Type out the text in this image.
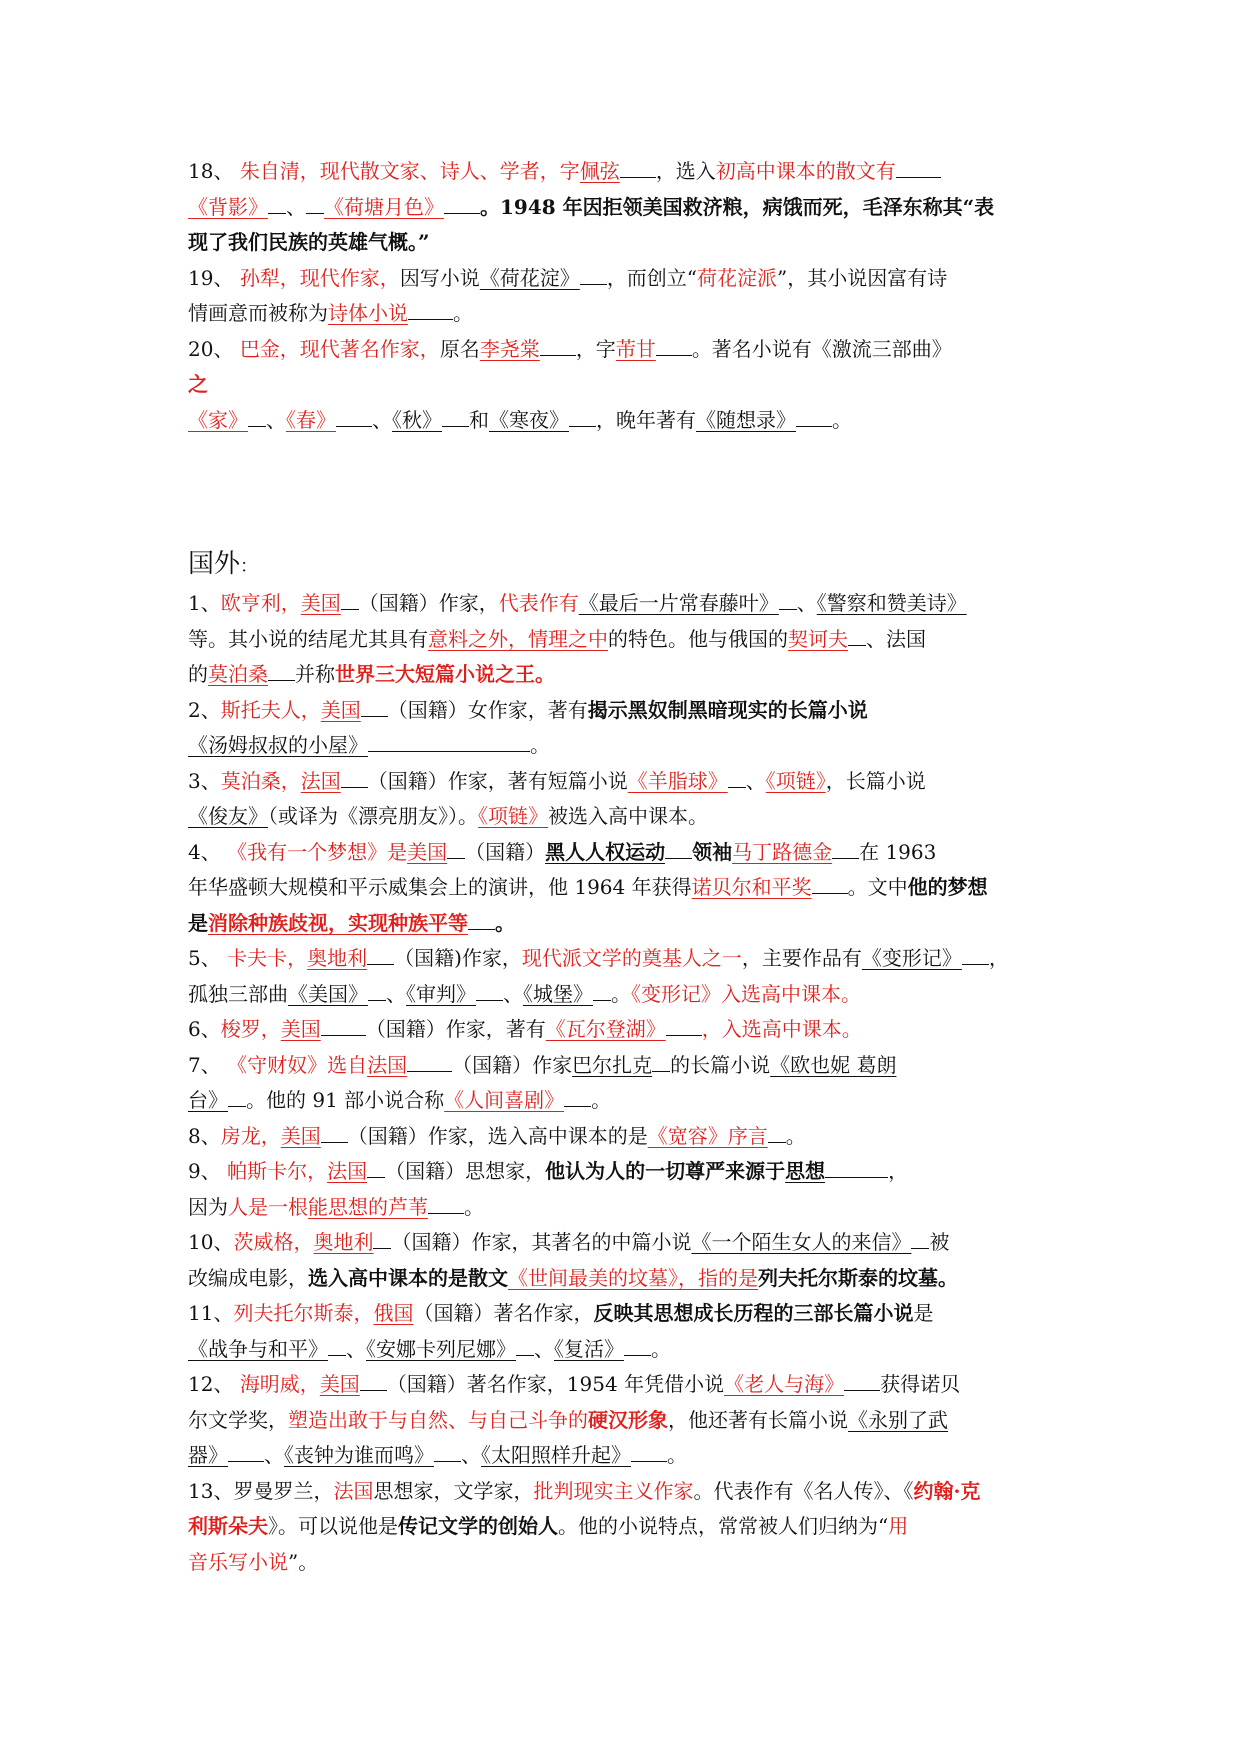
18、 朱自清，现代散文家、诗人、学者，字佩弦 ，选入初高中课本的散文有
《背影》 、 《荷塘月色》 。1948 年因拒领美国救济粮，病饿而死，毛泽东称其“表
现了我们民族的英雄气概。”
19、 孙犁，现代作家，因写小说《荷花淀》 ，而创立“荷花淀派”，其小说因富有诗
情画意而被称为诗体小说 。
20、 巴金，现代著名作家，原名李尧棠 ，字芾甘 。著名小说有《激流三部曲》
之
《家》 、《春》 、《秋》 和《寒夜》 ，晚年著有《随想录》 。
国外：
1、欧亨利，美国 （国籍）作家，代表作有《最后一片常春藤叶》 、《警察和赞美诗》
等。其小说的结尾尤其具有意料之外，情理之中的特色。他与俄国的契诃夫 、法国
的莫泊桑 并称世界三大短篇小说之王。
2、斯托夫人，美国 （国籍）女作家，著有揭示黑奴制黑暗现实的长篇小说
《汤姆叔叔的小屋》	。
3、莫泊桑，法国 （国籍）作家，著有短篇小说《羊脂球》 、《项链》，长篇小说
《俊友》（或译为《漂亮朋友》）。《项链》被选入高中课本。
4、 《我有一个梦想》是美国 （国籍）黑人人权运动 领袖马丁路德金 在 1963
年华盛顿大规模和平示威集会上的演讲，他 1964 年获得诺贝尔和平奖 。文中他的梦想
是消除种族歧视，实现种族平等 。
5、 卡夫卡，奥地利 （国籍)作家，现代派文学的奠基人之一，主要作品有《变形记》 ，
孤独三部曲《美国》 、《审判》 、《城堡》 。《变形记》入选高中课本。
6、梭罗，美国 （国籍）作家，著有《瓦尔登湖》 ，入选高中课本。
7、 《守财奴》选自法国 （国籍）作家巴尔扎克 的长篇小说《欧也妮 葛朗
台》 。他的 91 部小说合称《人间喜剧》 。
8、房龙，美国 （国籍）作家，选入高中课本的是《宽容》序言 。
9、 帕斯卡尔，法国 （国籍）思想家，他认为人的一切尊严来源于思想	，
因为人是一根能思想的芦苇 。
10、茨威格，奥地利 （国籍）作家，其著名的中篇小说《一个陌生女人的来信》 被
改编成电影，选入高中课本的是散文《世间最美的坟墓》，指的是列夫托尔斯泰的坟墓。
11、列夫托尔斯泰，俄国（国籍）著名作家，反映其思想成长历程的三部长篇小说是
《战争与和平》 、《安娜卡列尼娜》 、《复活》 。
12、 海明威，美国 （国籍）著名作家，1954 年凭借小说《老人与海》 获得诺贝
尔文学奖，塑造出敢于与自然、与自己斗争的硬汉形象，他还著有长篇小说《永别了武
器》 、《丧钟为谁而鸣》 、《太阳照样升起》 。
13、罗曼罗兰，法国思想家，文学家，批判现实主义作家。代表作有《名人传》、《约翰·克
利斯朵夫》。可以说他是传记文学的创始人。他的小说特点，常常被人们归纳为“用
音乐写小说”。
